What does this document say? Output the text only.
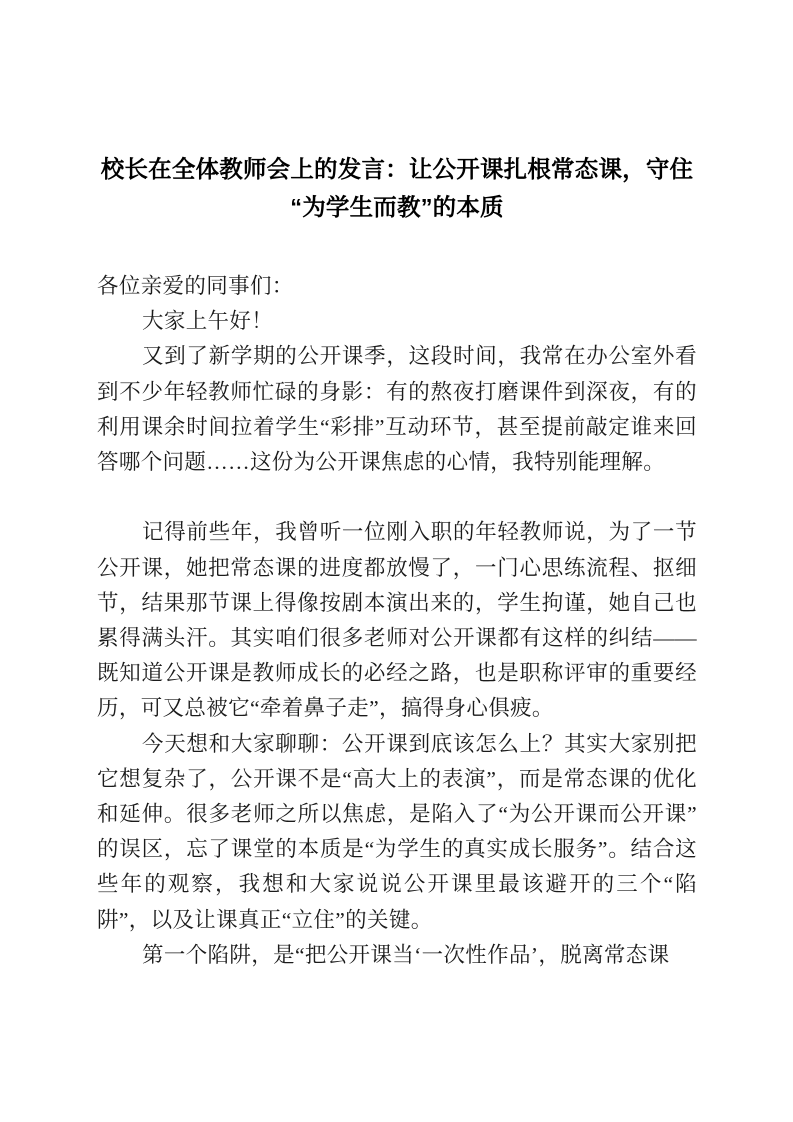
校长在全体教师会上的发言：让公开课扎根常态课，守住“为学生而教”的本质

各位亲爱的同事们：

大家上午好！

又到了新学期的公开课季，这段时间，我常在办公室外看到不少年轻教师忙碌的身影：有的熬夜打磨课件到深夜，有的利用课余时间拉着学生“彩排”互动环节，甚至提前敲定谁来回答哪个问题……这份为公开课焦虑的心情，我特别能理解。

记得前些年，我曾听一位刚入职的年轻教师说，为了一节公开课，她把常态课的进度都放慢了，一门心思练流程、抠细节，结果那节课上得像按剧本演出来的，学生拘谨，她自己也累得满头汗。其实咱们很多老师对公开课都有这样的纠结——既知道公开课是教师成长的必经之路，也是职称评审的重要经历，可又总被它“牵着鼻子走”，搞得身心俱疲。

今天想和大家聊聊：公开课到底该怎么上？其实大家别把它想复杂了，公开课不是“高大上的表演”，而是常态课的优化和延伸。很多老师之所以焦虑，是陷入了“为公开课而公开课”的误区，忘了课堂的本质是“为学生的真实成长服务”。结合这些年的观察，我想和大家说说公开课里最该避开的三个“陷阱”，以及让课真正“立住”的关键。

第一个陷阱，是“把公开课当‘一次性作品’，脱离常态课
